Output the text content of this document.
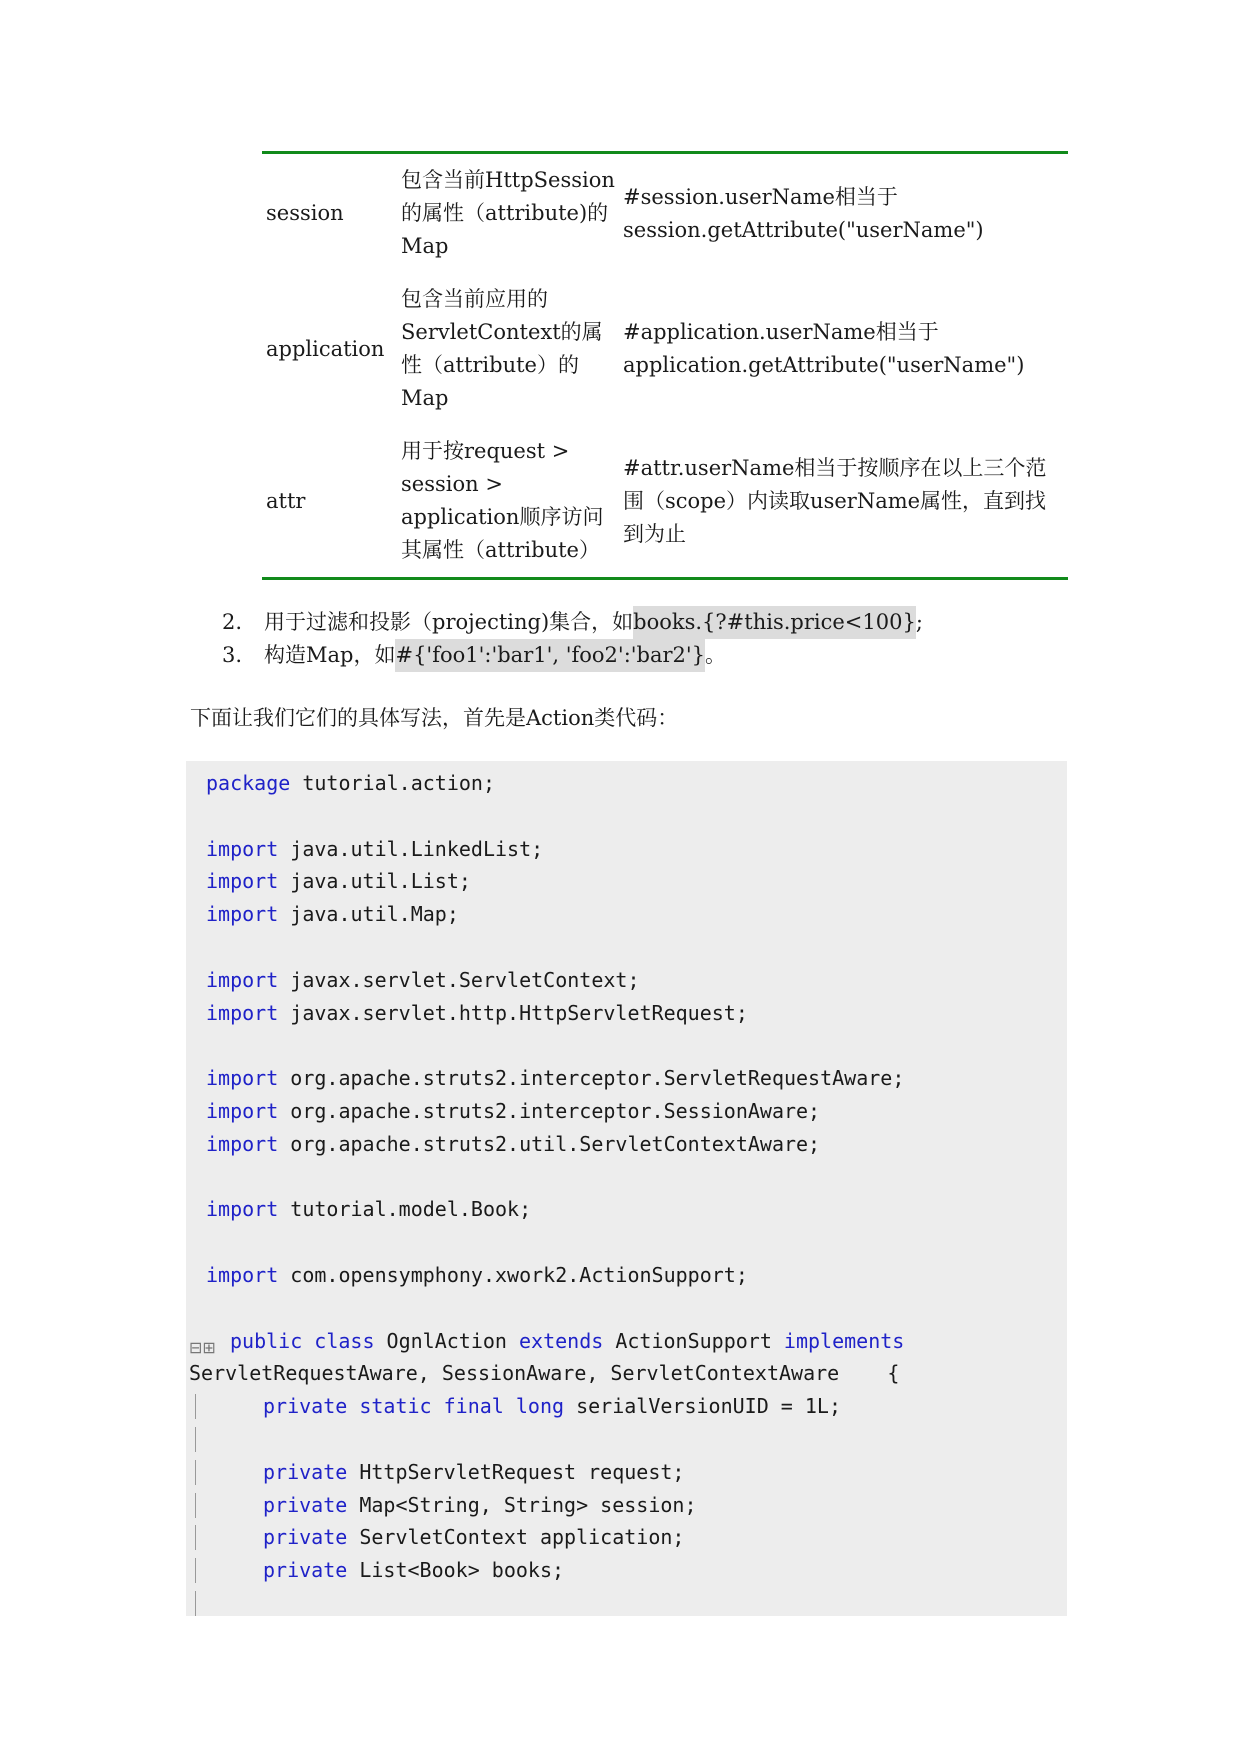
session	包含当前HttpSession的属性（attribute)的Map	#session.userName相当于session.getAttribute("userName")
application	包含当前应用的ServletContext的属性（attribute）的Map	#application.userName相当于application.getAttribute("userName")
attr	用于按request > session > application顺序访问其属性（attribute）	#attr.userName相当于按顺序在以上三个范围（scope）内读取userName属性，直到找到为止
2.	用于过滤和投影（projecting)集合，如 books.{?#this.price<100} ;
3.	构造Map，如 #{'foo1':'bar1', 'foo2':'bar2'} 。
下面让我们它们的具体写法，首先是Action类代码：
package tutorial.action;
import java.util.LinkedList;
import java.util.List;
import java.util.Map;
import javax.servlet.ServletContext;
import javax.servlet.http.HttpServletRequest;
import org.apache.struts2.interceptor.ServletRequestAware;
import org.apache.struts2.interceptor.SessionAware;
import org.apache.struts2.util.ServletContextAware;
import tutorial.model.Book;
import com.opensymphony.xwork2.ActionSupport;
⊟⊞ public class OgnlAction extends ActionSupport implements
ServletRequestAware, SessionAware, ServletContextAware    {
private static final long serialVersionUID = 1L;
private HttpServletRequest request;
private Map<String, String> session;
private ServletContext application;
private List<Book> books;
